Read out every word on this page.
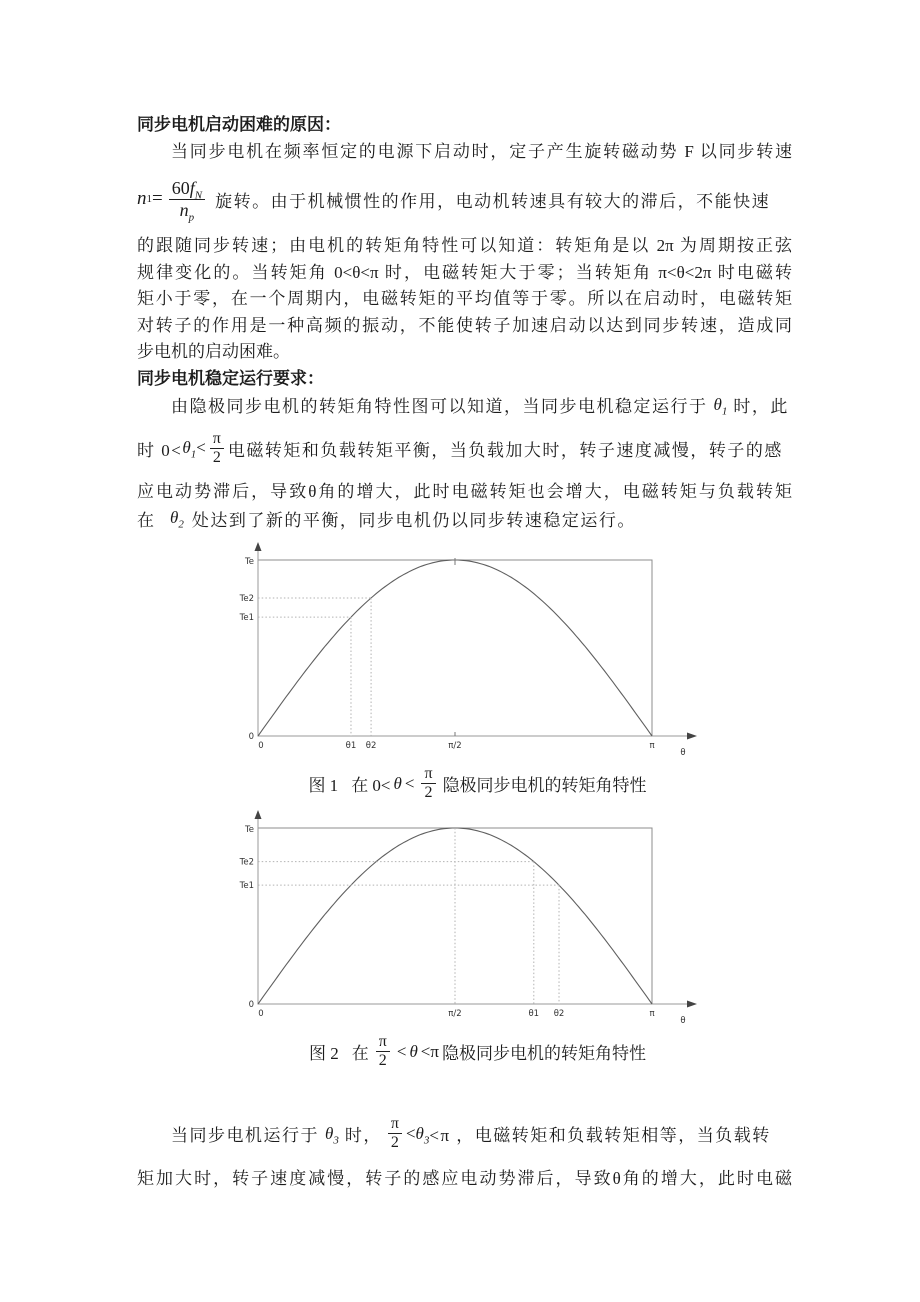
同步电机启动困难的原因：
当同步电机在频率恒定的电源下启动时，定子产生旋转磁动势 F 以同步转速
n $1 = \frac{60f_N}{n_p}$ 旋转。由于机械惯性的作用，电动机转速具有较大的滞后，不能快速
的跟随同步转速；由电机的转矩角特性可以知道：转矩角是以 2π 为周期按正弦
规律变化的。当转矩角 0<θ<π 时，电磁转矩大于零；当转矩角 π<θ<2π 时电磁转
矩小于零，在一个周期内，电磁转矩的平均值等于零。所以在启动时，电磁转矩
对转子的作用是一种高频的振动，不能使转子加速启动以达到同步转速，造成同
步电机的启动困难。
同步电机稳定运行要求：
由隐极同步电机的转矩角特性图可以知道，当同步电机稳定运行于 $\theta_1$ 时，此
时 $0< \theta_1 < \frac{\pi}{2}$ 电磁转矩和负载转矩平衡，当负载加大时，转子速度减慢，转子的感
应电动势滞后，导致θ角的增大，此时电磁转矩也会增大，电磁转矩与负载转矩
在 $\theta_2$ 处达到了新的平衡，同步电机仍以同步转速稳定运行。
θ1
Te1
θ2
Te2
Te
0
0	π/2	π
θ
图 1 在 $0< \theta < \frac{\pi}{2}$ 隐极同步电机的转矩角特性
θ1
Te2
θ2
Te1
Te
0
0	π/2	π
θ
图 2 在 $\frac{\pi}{2} < \theta <\pi$ 隐极同步电机的转矩角特性
当同步电机运行于 $\theta_3$ 时， $\frac{\pi}{2} < \theta_3 <\pi$ ，电磁转矩和负载转矩相等，当负载转
矩加大时，转子速度减慢，转子的感应电动势滞后，导致θ角的增大，此时电磁
